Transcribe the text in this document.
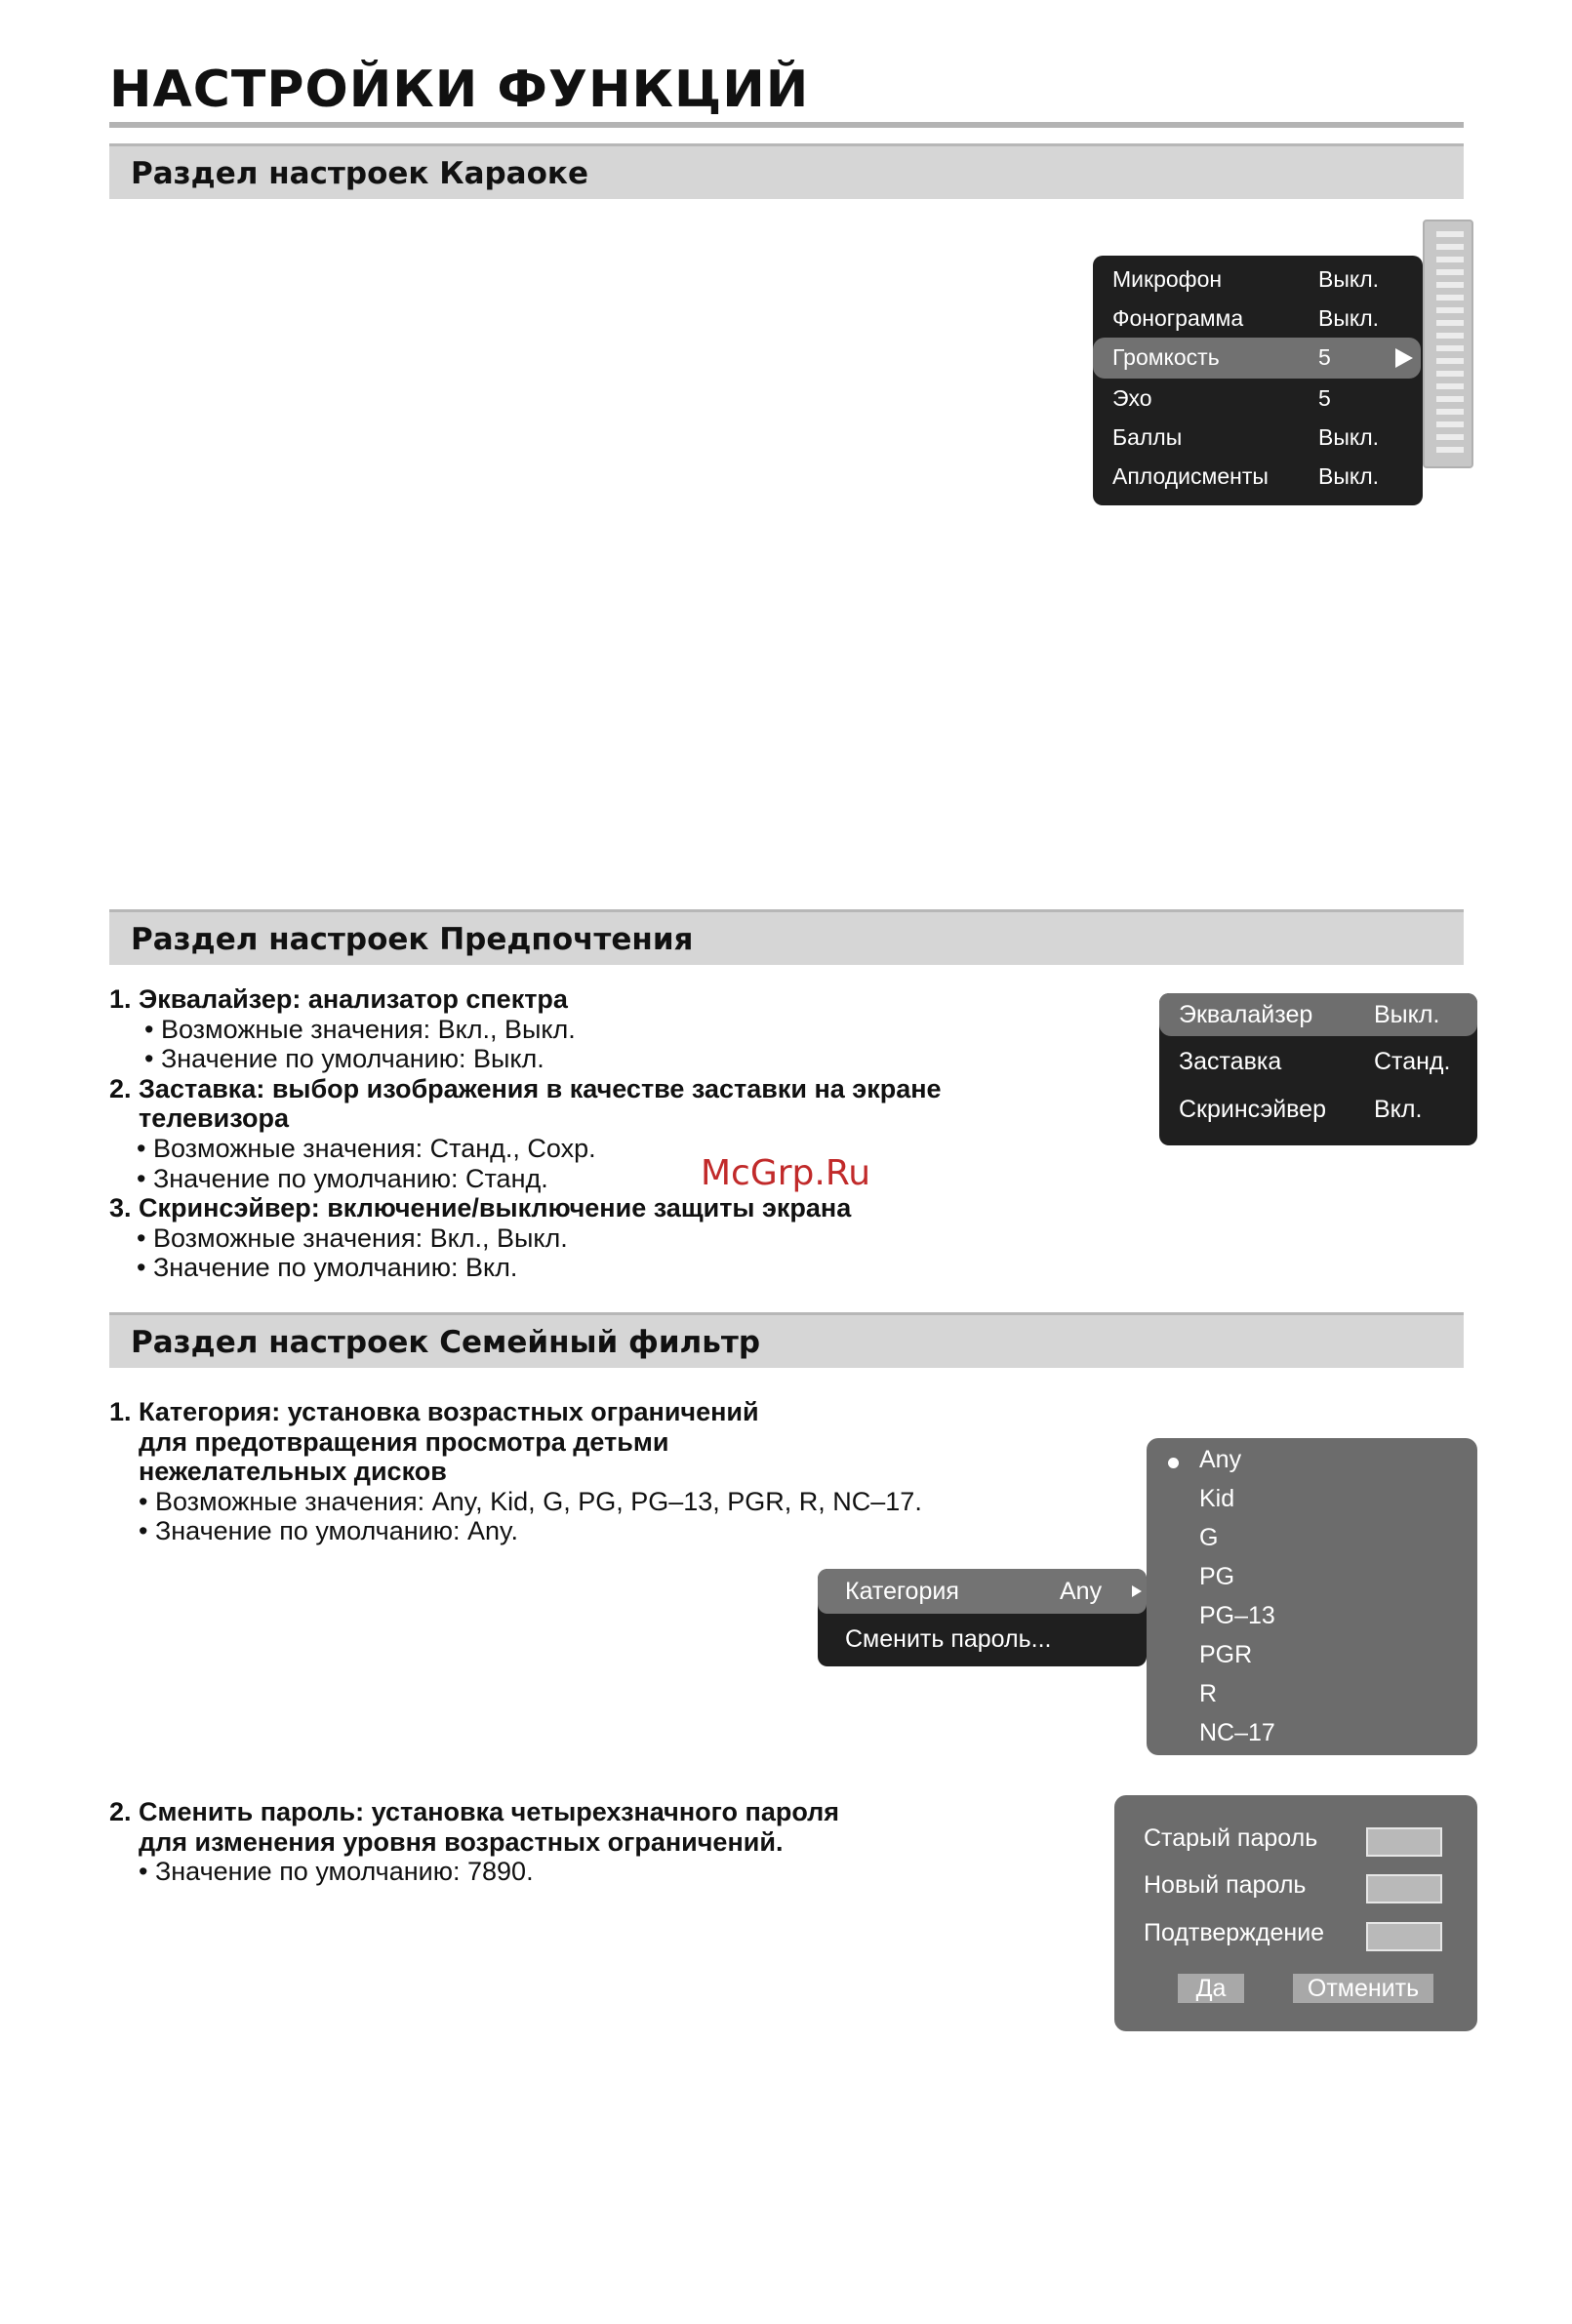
НАСТРОЙКИ ФУНКЦИЙ
Раздел настроек Караоке
Микрофон	Выкл.
Фонограмма	Выкл.
Громкость	5
Эхо	5
Баллы	Выкл.
Аплодисменты Выкл.
Раздел настроек Предпочтения
1. Эквалайзер: анализатор спектра
• Возможные значения: Вкл., Выкл.
• Значение по умолчанию: Выкл.
2. Заставка: выбор изображения в качестве заставки на экране
телевизора
• Возможные значения: Станд., Сохр.
• Значение по умолчанию: Станд.
3. Скринсэйвер: включение/выключение защиты экрана
• Возможные значения: Вкл., Выкл.
• Значение по умолчанию: Вкл.
Эквалайзер	Выкл.
Заставка	Станд.
Скринсэйвер Вкл.
McGrp.Ru
Раздел настроек Семейный фильтр
1. Категория: установка возрастных ограничений
для предотвращения просмотра детьми
нежелательных дисков
• Возможные значения: Any, Kid, G, PG, PG–13, PGR, R, NC–17.
• Значение по умолчанию: Any.
Категория	Any
Сменить пароль...
Any
Kid
G
PG
PG–13
PGR
R
NC–17
2. Сменить пароль: установка четырехзначного пароля
для изменения уровня возрастных ограничений.
• Значение по умолчанию: 7890.
Старый пароль
Новый пароль
Подтверждение
Да	Отменить
